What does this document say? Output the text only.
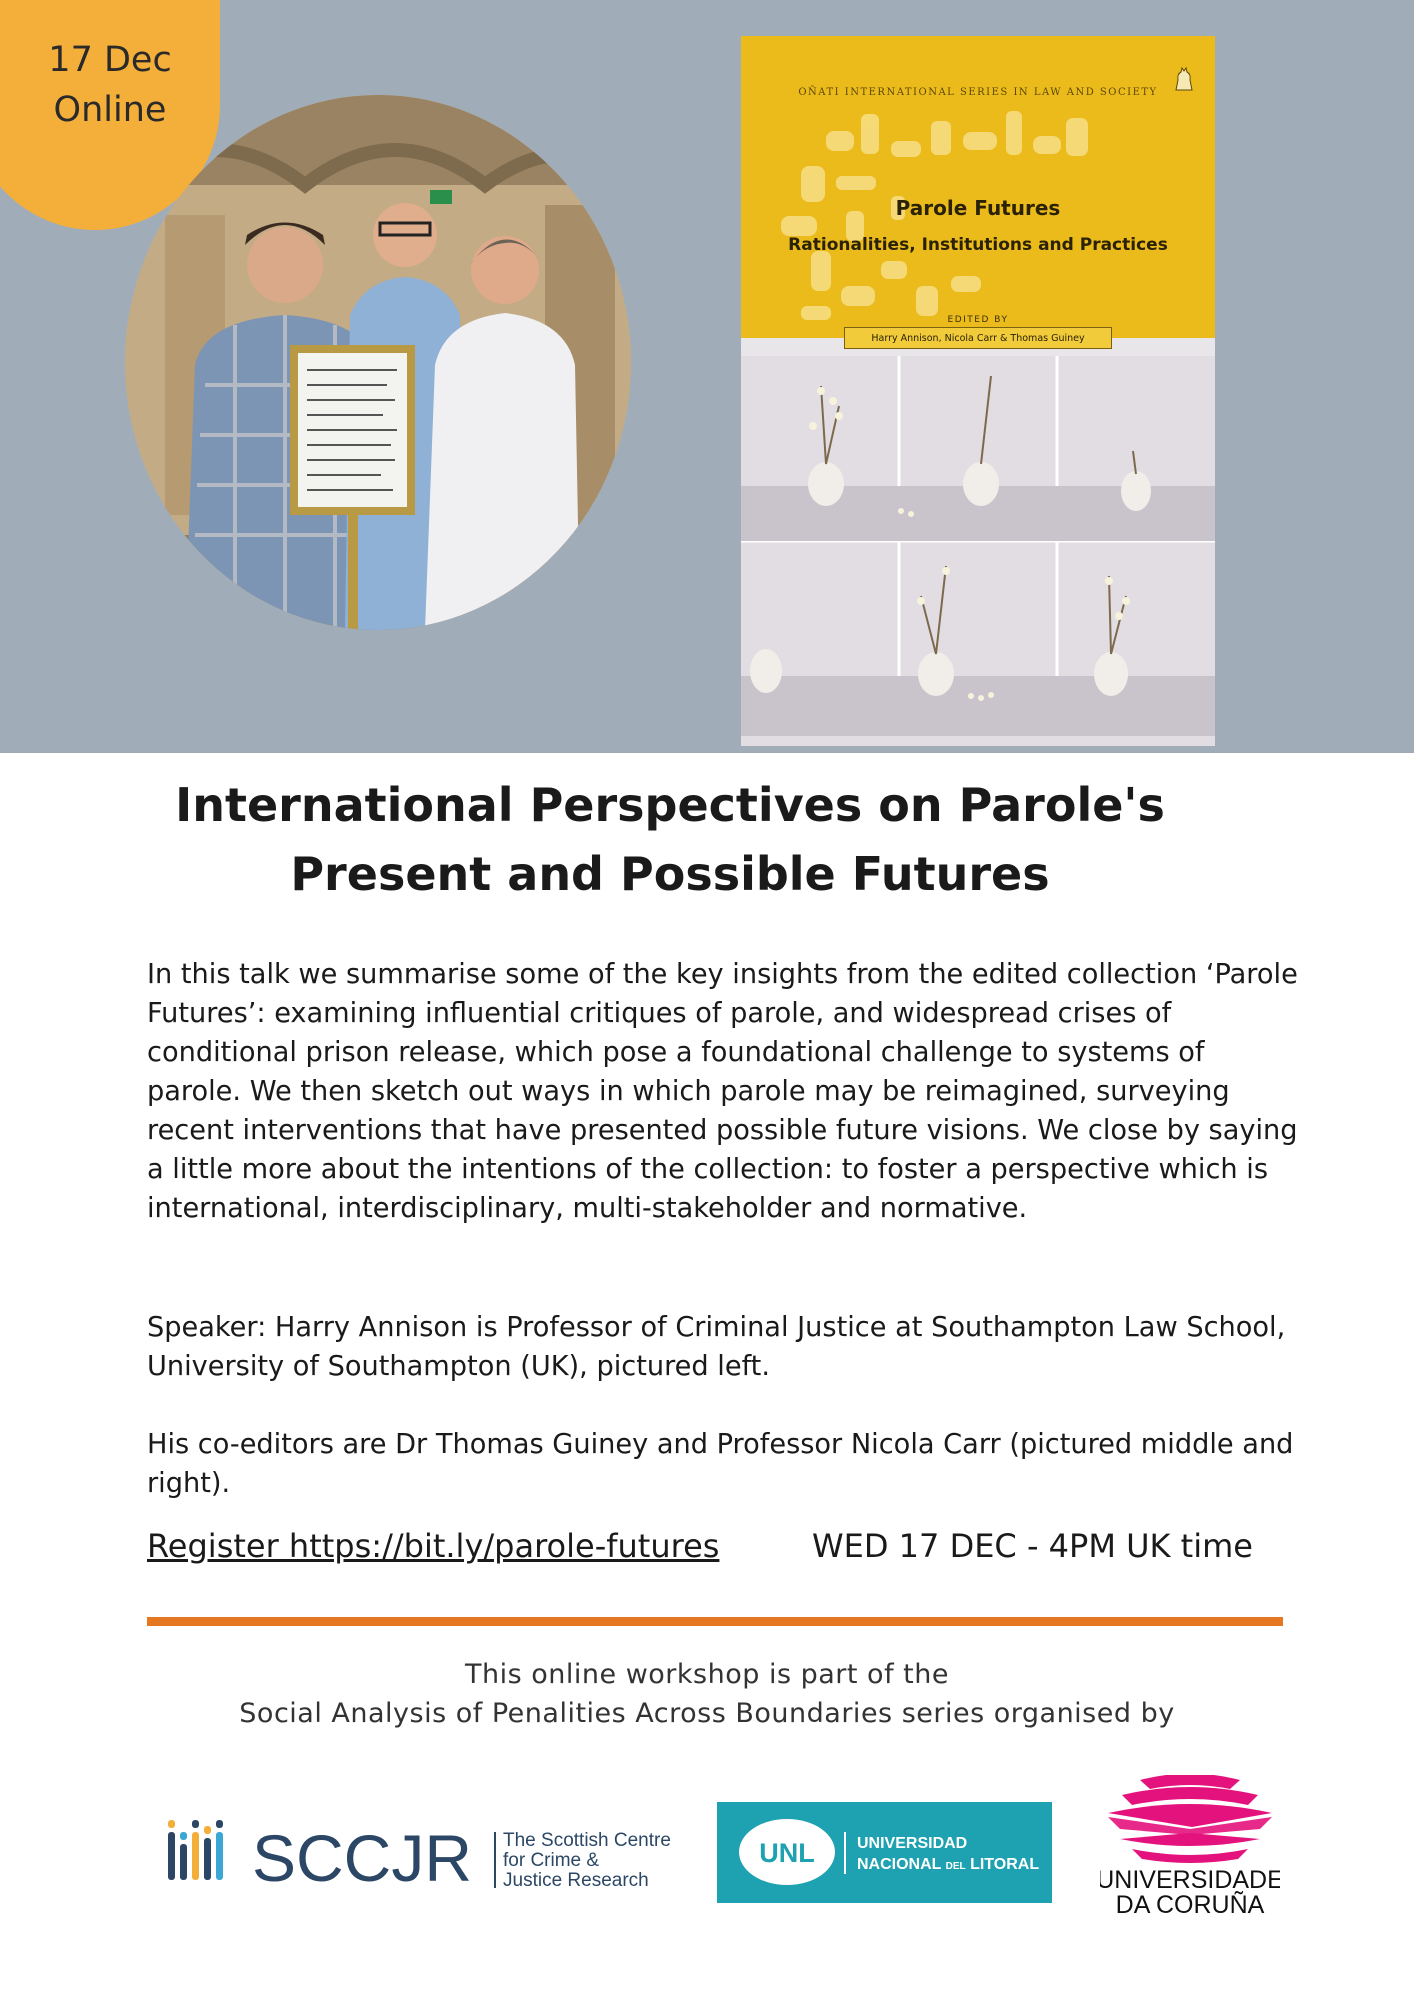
17 Dec
Online	OÑATI INTERNATIONAL SERIES IN LAW AND SOCIETY
Parole Futures
Rationalities, Institutions and Practices
EDITED BY
Harry Annison, Nicola Carr & Thomas Guiney
International Perspectives on Parole's
Present and Possible Futures

In this talk we summarise some of the key insights from the edited collection ‘Parole Futures’: examining influential critiques of parole, and widespread crises of conditional prison release, which pose a foundational challenge to systems of parole. We then sketch out ways in which parole may be reimagined, surveying recent interventions that have presented possible future visions. We close by saying a little more about the intentions of the collection: to foster a perspective which is international, interdisciplinary, multi-stakeholder and normative.

Speaker: Harry Annison is Professor of Criminal Justice at Southampton Law School, University of Southampton (UK), pictured left.

His co-editors are Dr Thomas Guiney and Professor Nicola Carr (pictured middle and right).

Register https://bit.ly/parole-futures	WED 17 DEC - 4PM UK time
This online workshop is part of the
Social Analysis of Penalities Across Boundaries series organised by
SCCJR The Scottish Centre
for Crime &
Justice Research
UNL	UNIVERSIDAD
NACIONAL DEL LITORAL
UNIVERSIDADE
DA CORUÑA
